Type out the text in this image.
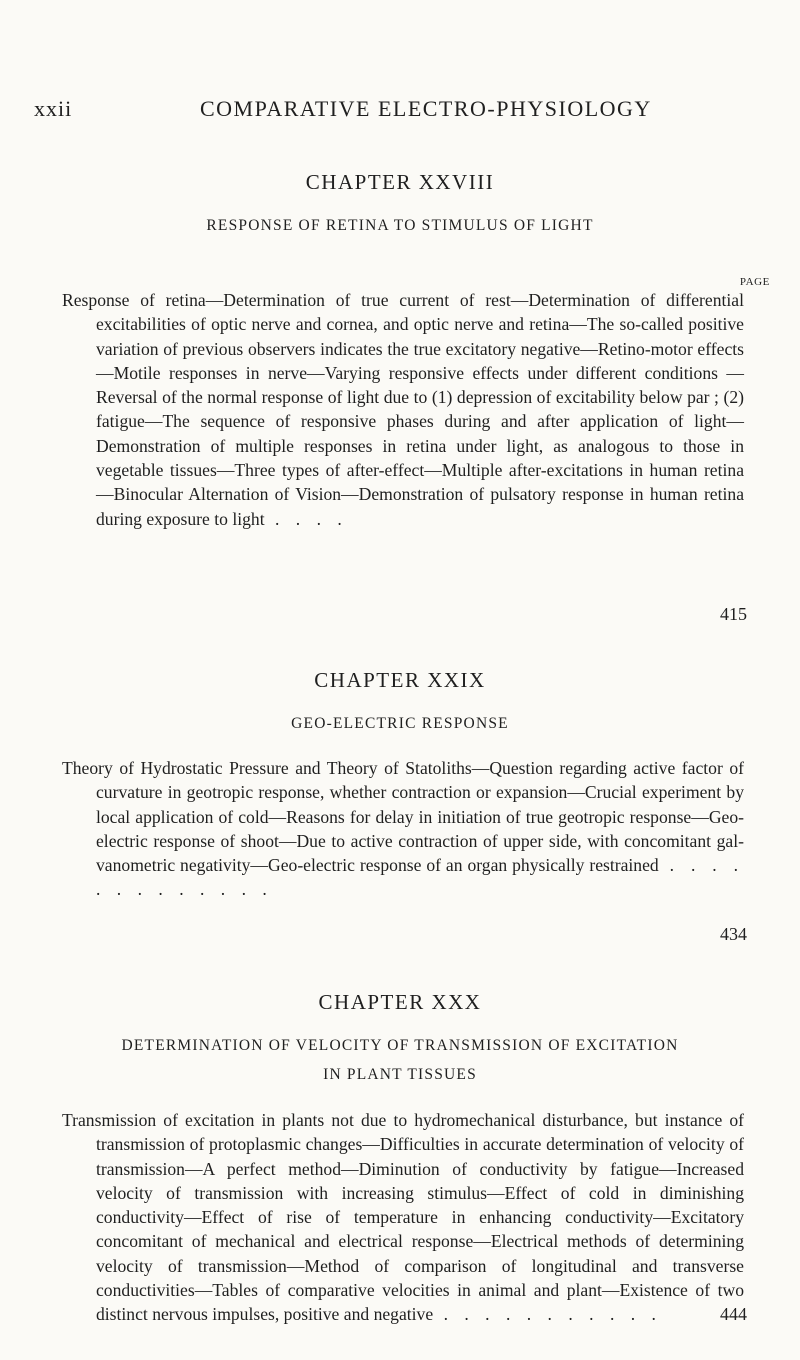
xxii	COMPARATIVE ELECTRO-PHYSIOLOGY
CHAPTER XXVIII
RESPONSE OF RETINA TO STIMULUS OF LIGHT
PAGE

Response of retina—Determination of true current of rest—Determination of differential excitabilities of optic nerve and cornea, and optic nerve and retina—The so-called positive variation of previous observers indicates the true excitatory negative—Retino-motor effects—Motile responses in nerve—Varying responsive effects under different conditions —Reversal of the normal response of light due to (1) depression of excitability below par ; (2) fatigue—The sequence of responsive phases during and after application of light—Demonstration of multiple responses in retina under light, as analogous to those in vegetable tissues—Three types of after-effect—Multiple after-excitations in human retina—Binocular Alternation of Vision—Demonstration of pulsatory response in human retina during exposure to light . . . .

415
CHAPTER XXIX
GEO-ELECTRIC RESPONSE

Theory of Hydrostatic Pressure and Theory of Statoliths—Question regarding active factor of curvature in geotropic response, whether contraction or expansion—Crucial experiment by local application of cold—Reasons for delay in initiation of true geotropic response—Geo-electric response of shoot—Due to active contraction of upper side, with concomitant galvanometric negativity—Geo-electric response of an organ physically restrained . . . . . . . . . . . . .

434
CHAPTER XXX
DETERMINATION OF VELOCITY OF TRANSMISSION OF EXCITATION IN PLANT TISSUES

Transmission of excitation in plants not due to hydromechanical disturbance, but instance of transmission of protoplasmic changes—Difficulties in accurate determination of velocity of transmission—A perfect method—Diminution of conductivity by fatigue—Increased velocity of transmission with increasing stimulus—Effect of cold in diminishing conductivity—Effect of rise of temperature in enhancing conductivity—Excitatory concomitant of mechanical and electrical response—Electrical methods of determining velocity of transmission—Method of comparison of longitudinal and transverse conductivities—Tables of comparative velocities in animal and plant—Existence of two distinct nervous impulses, positive and negative . . . . . . . . . . .	444
